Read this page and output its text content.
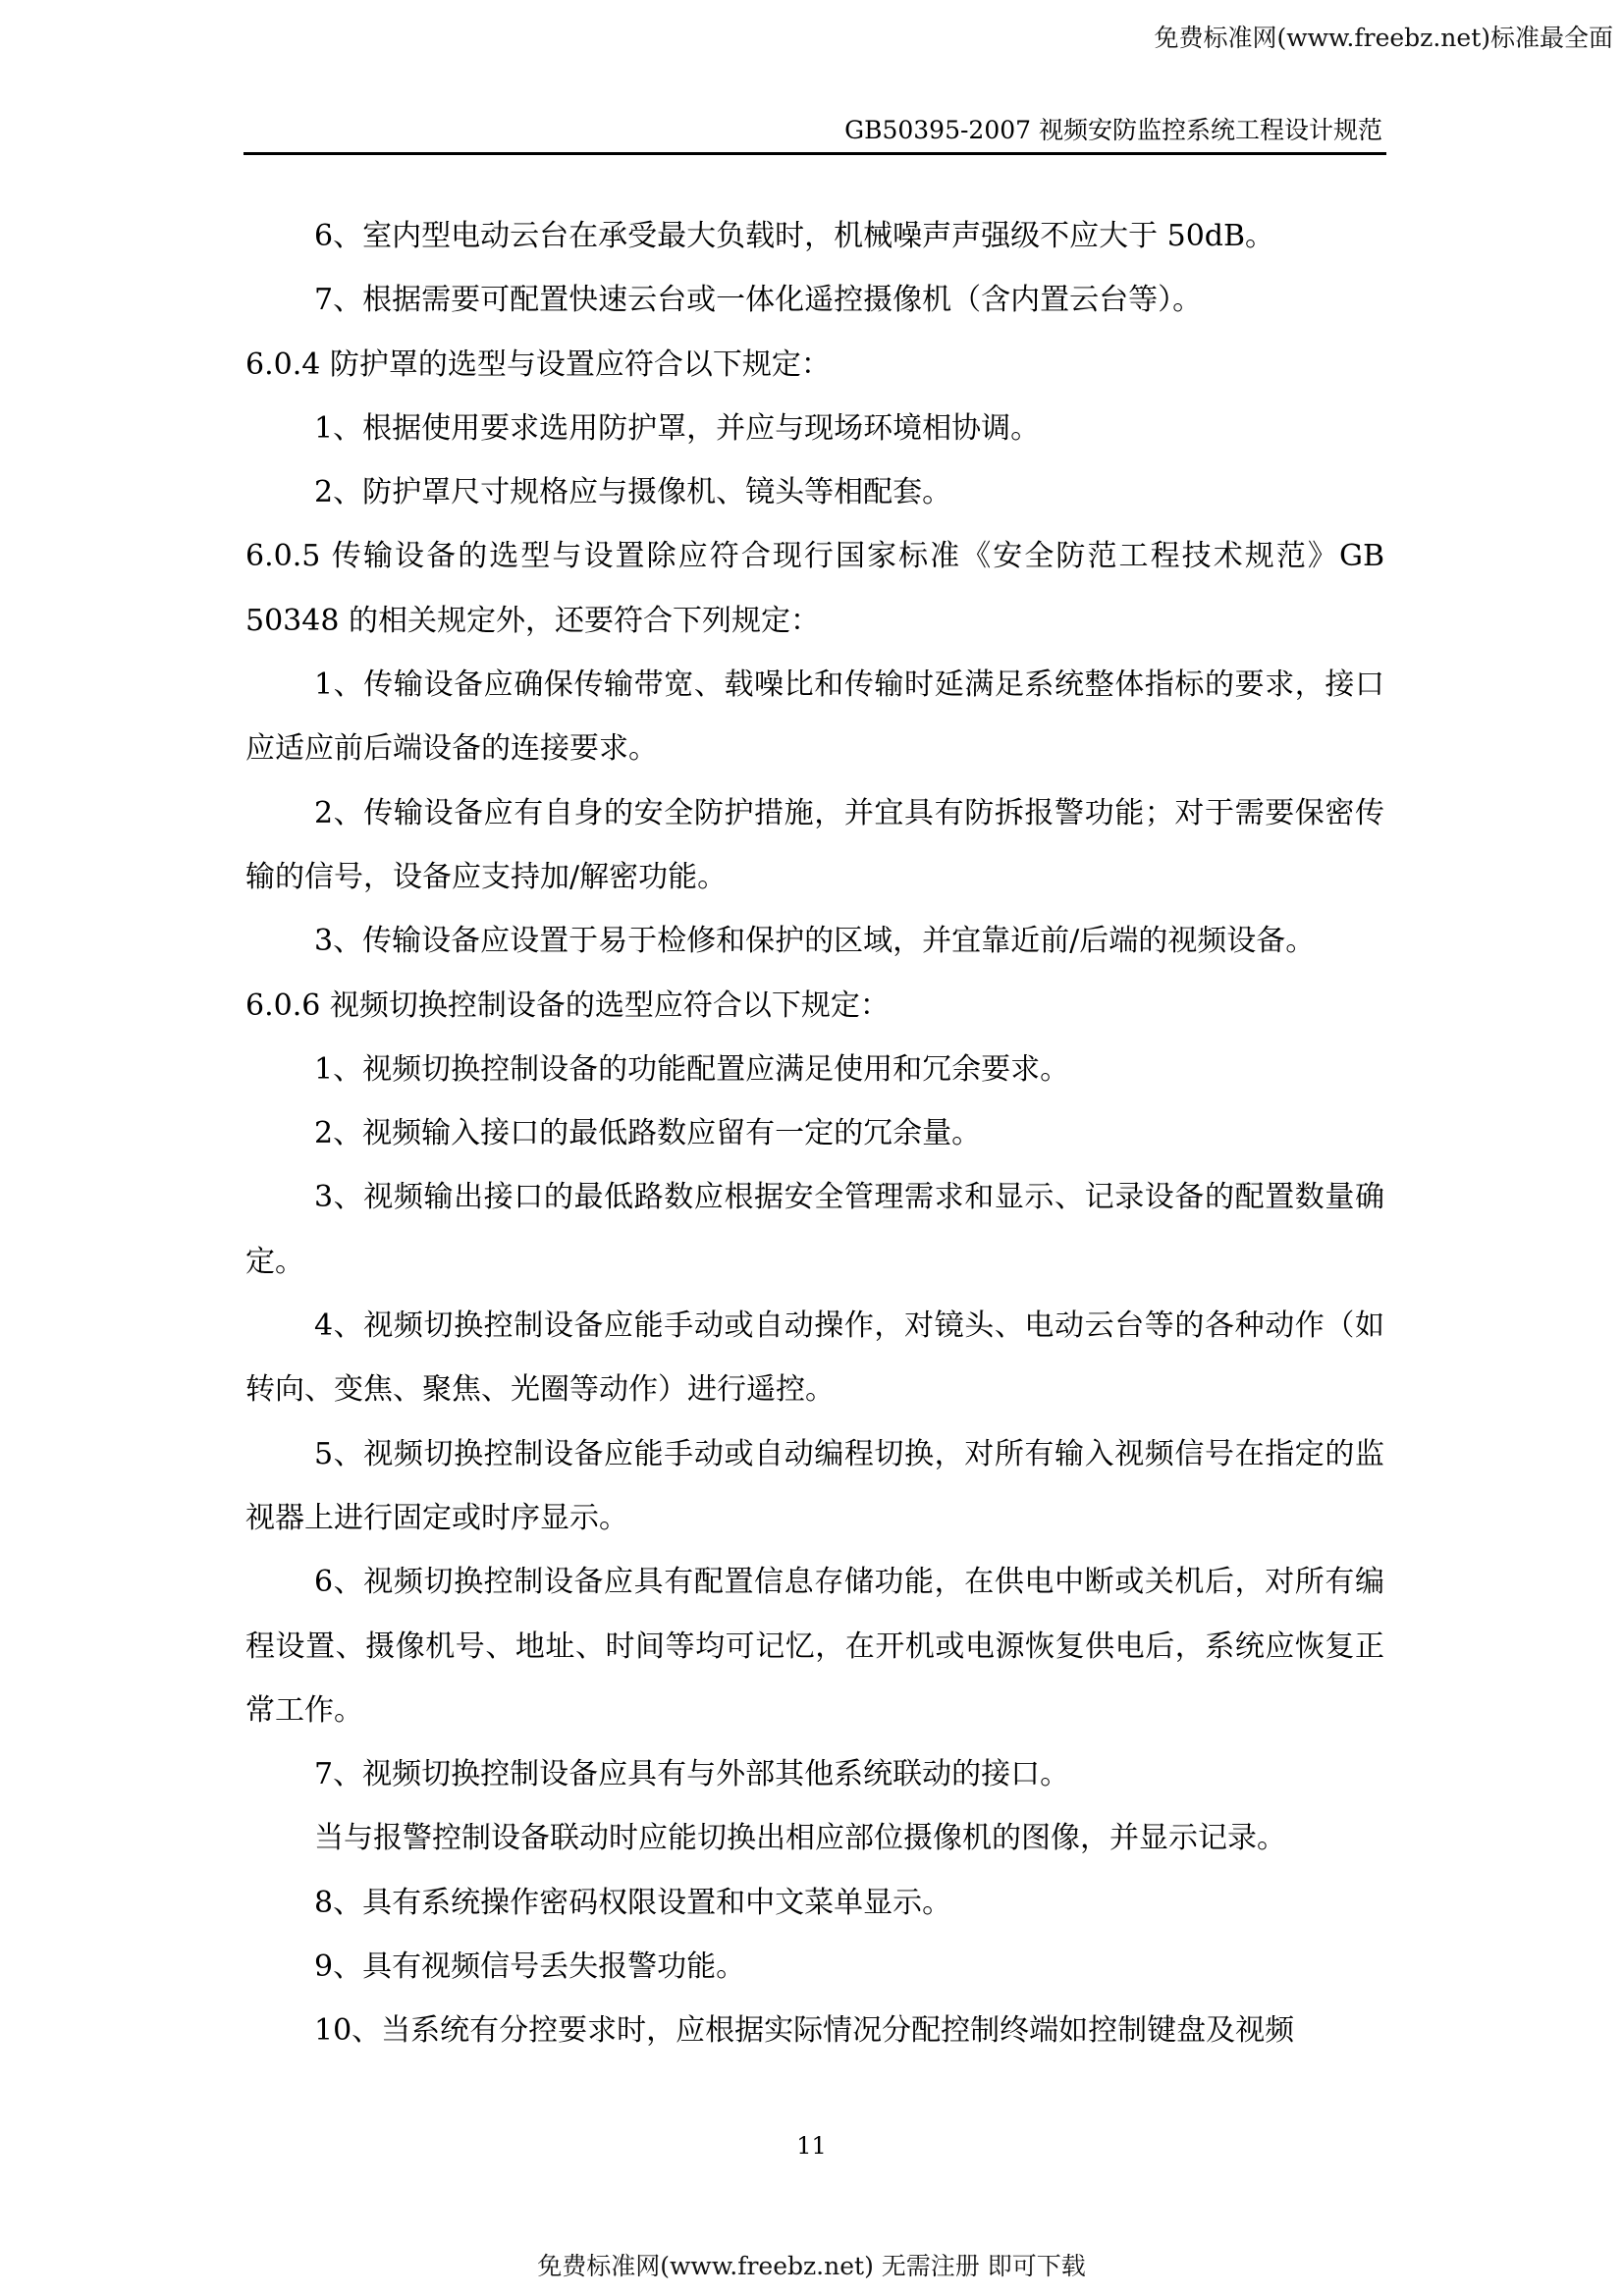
免费标准网(www.freebz.net)标准最全面
GB50395-2007 视频安防监控系统工程设计规范

6、室内型电动云台在承受最大负载时，机械噪声声强级不应大于 50dB。

7、根据需要可配置快速云台或一体化遥控摄像机（含内置云台等）。

6.0.4 防护罩的选型与设置应符合以下规定：

1、根据使用要求选用防护罩，并应与现场环境相协调。

2、防护罩尺寸规格应与摄像机、镜头等相配套。

6.0.5 传输设备的选型与设置除应符合现行国家标准《安全防范工程技术规范》GB 50348 的相关规定外，还要符合下列规定：

1、传输设备应确保传输带宽、载噪比和传输时延满足系统整体指标的要求，接口应适应前后端设备的连接要求。

2、传输设备应有自身的安全防护措施，并宜具有防拆报警功能；对于需要保密传输的信号，设备应支持加/解密功能。

3、传输设备应设置于易于检修和保护的区域，并宜靠近前/后端的视频设备。

6.0.6 视频切换控制设备的选型应符合以下规定：

1、视频切换控制设备的功能配置应满足使用和冗余要求。

2、视频输入接口的最低路数应留有一定的冗余量。

3、视频输出接口的最低路数应根据安全管理需求和显示、记录设备的配置数量确定。

4、视频切换控制设备应能手动或自动操作，对镜头、电动云台等的各种动作（如转向、变焦、聚焦、光圈等动作）进行遥控。

5、视频切换控制设备应能手动或自动编程切换，对所有输入视频信号在指定的监视器上进行固定或时序显示。

6、视频切换控制设备应具有配置信息存储功能，在供电中断或关机后，对所有编程设置、摄像机号、地址、时间等均可记忆，在开机或电源恢复供电后，系统应恢复正常工作。

7、视频切换控制设备应具有与外部其他系统联动的接口。

当与报警控制设备联动时应能切换出相应部位摄像机的图像，并显示记录。

8、具有系统操作密码权限设置和中文菜单显示。

9、具有视频信号丢失报警功能。

10、当系统有分控要求时，应根据实际情况分配控制终端如控制键盘及视频

11
免费标准网(www.freebz.net) 无需注册 即可下载
